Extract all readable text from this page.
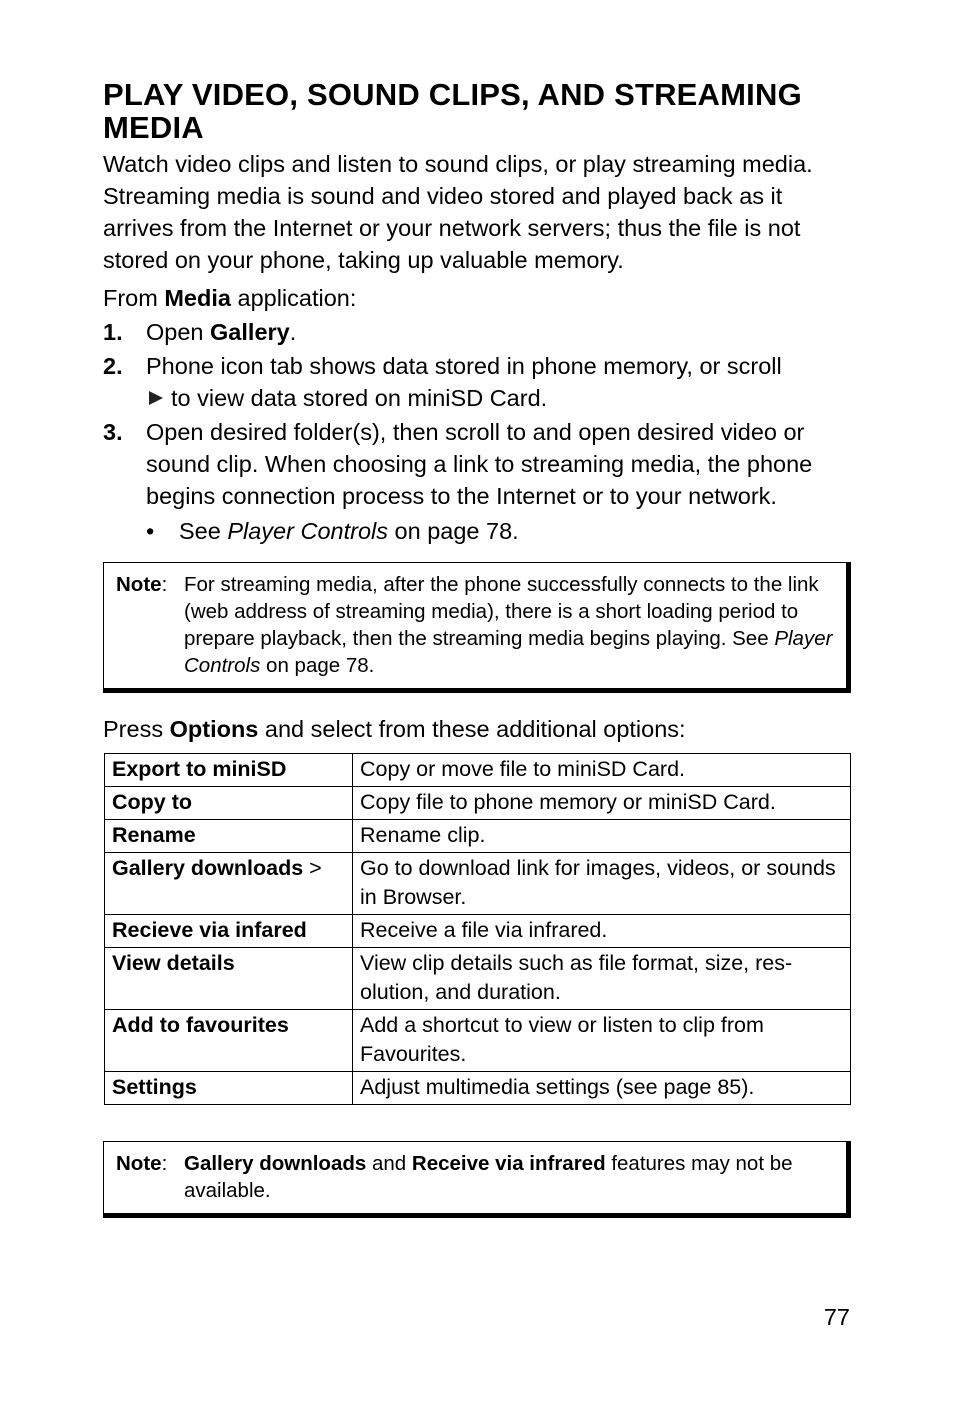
PLAY VIDEO, SOUND CLIPS, AND STREAMING MEDIA

Watch video clips and listen to sound clips, or play streaming media. Streaming media is sound and video stored and played back as it arrives from the Internet or your network servers; thus the file is not stored on your phone, taking up valuable memory.

From Media application:

1. Open Gallery.
2. Phone icon tab shows data stored in phone memory, or scroll
to view data stored on miniSD Card.
3. Open desired folder(s), then scroll to and open desired video or sound clip. When choosing a link to streaming media, the phone begins connection process to the Internet or to your network.
• See Player Controls on page 78.
Note: For streaming media, after the phone successfully connects to the link (web address of streaming media), there is a short loading period to prepare playback, then the streaming media begins playing. See Player Controls on page 78.

Press Options and select from these additional options:

Export to miniSD	Copy or move file to miniSD Card.
Copy to	Copy file to phone memory or miniSD Card.
Rename	Rename clip.
Gallery downloads >	Go to download link for images, videos, or sounds in Browser.
Recieve via infared	Receive a file via infrared.
View details	View clip details such as file format, size, res-olution, and duration.
Add to favourites	Add a shortcut to view or listen to clip from Favourites.
Settings	Adjust multimedia settings (see page 85).
Note: Gallery downloads and Receive via infrared features may not be available.
77
